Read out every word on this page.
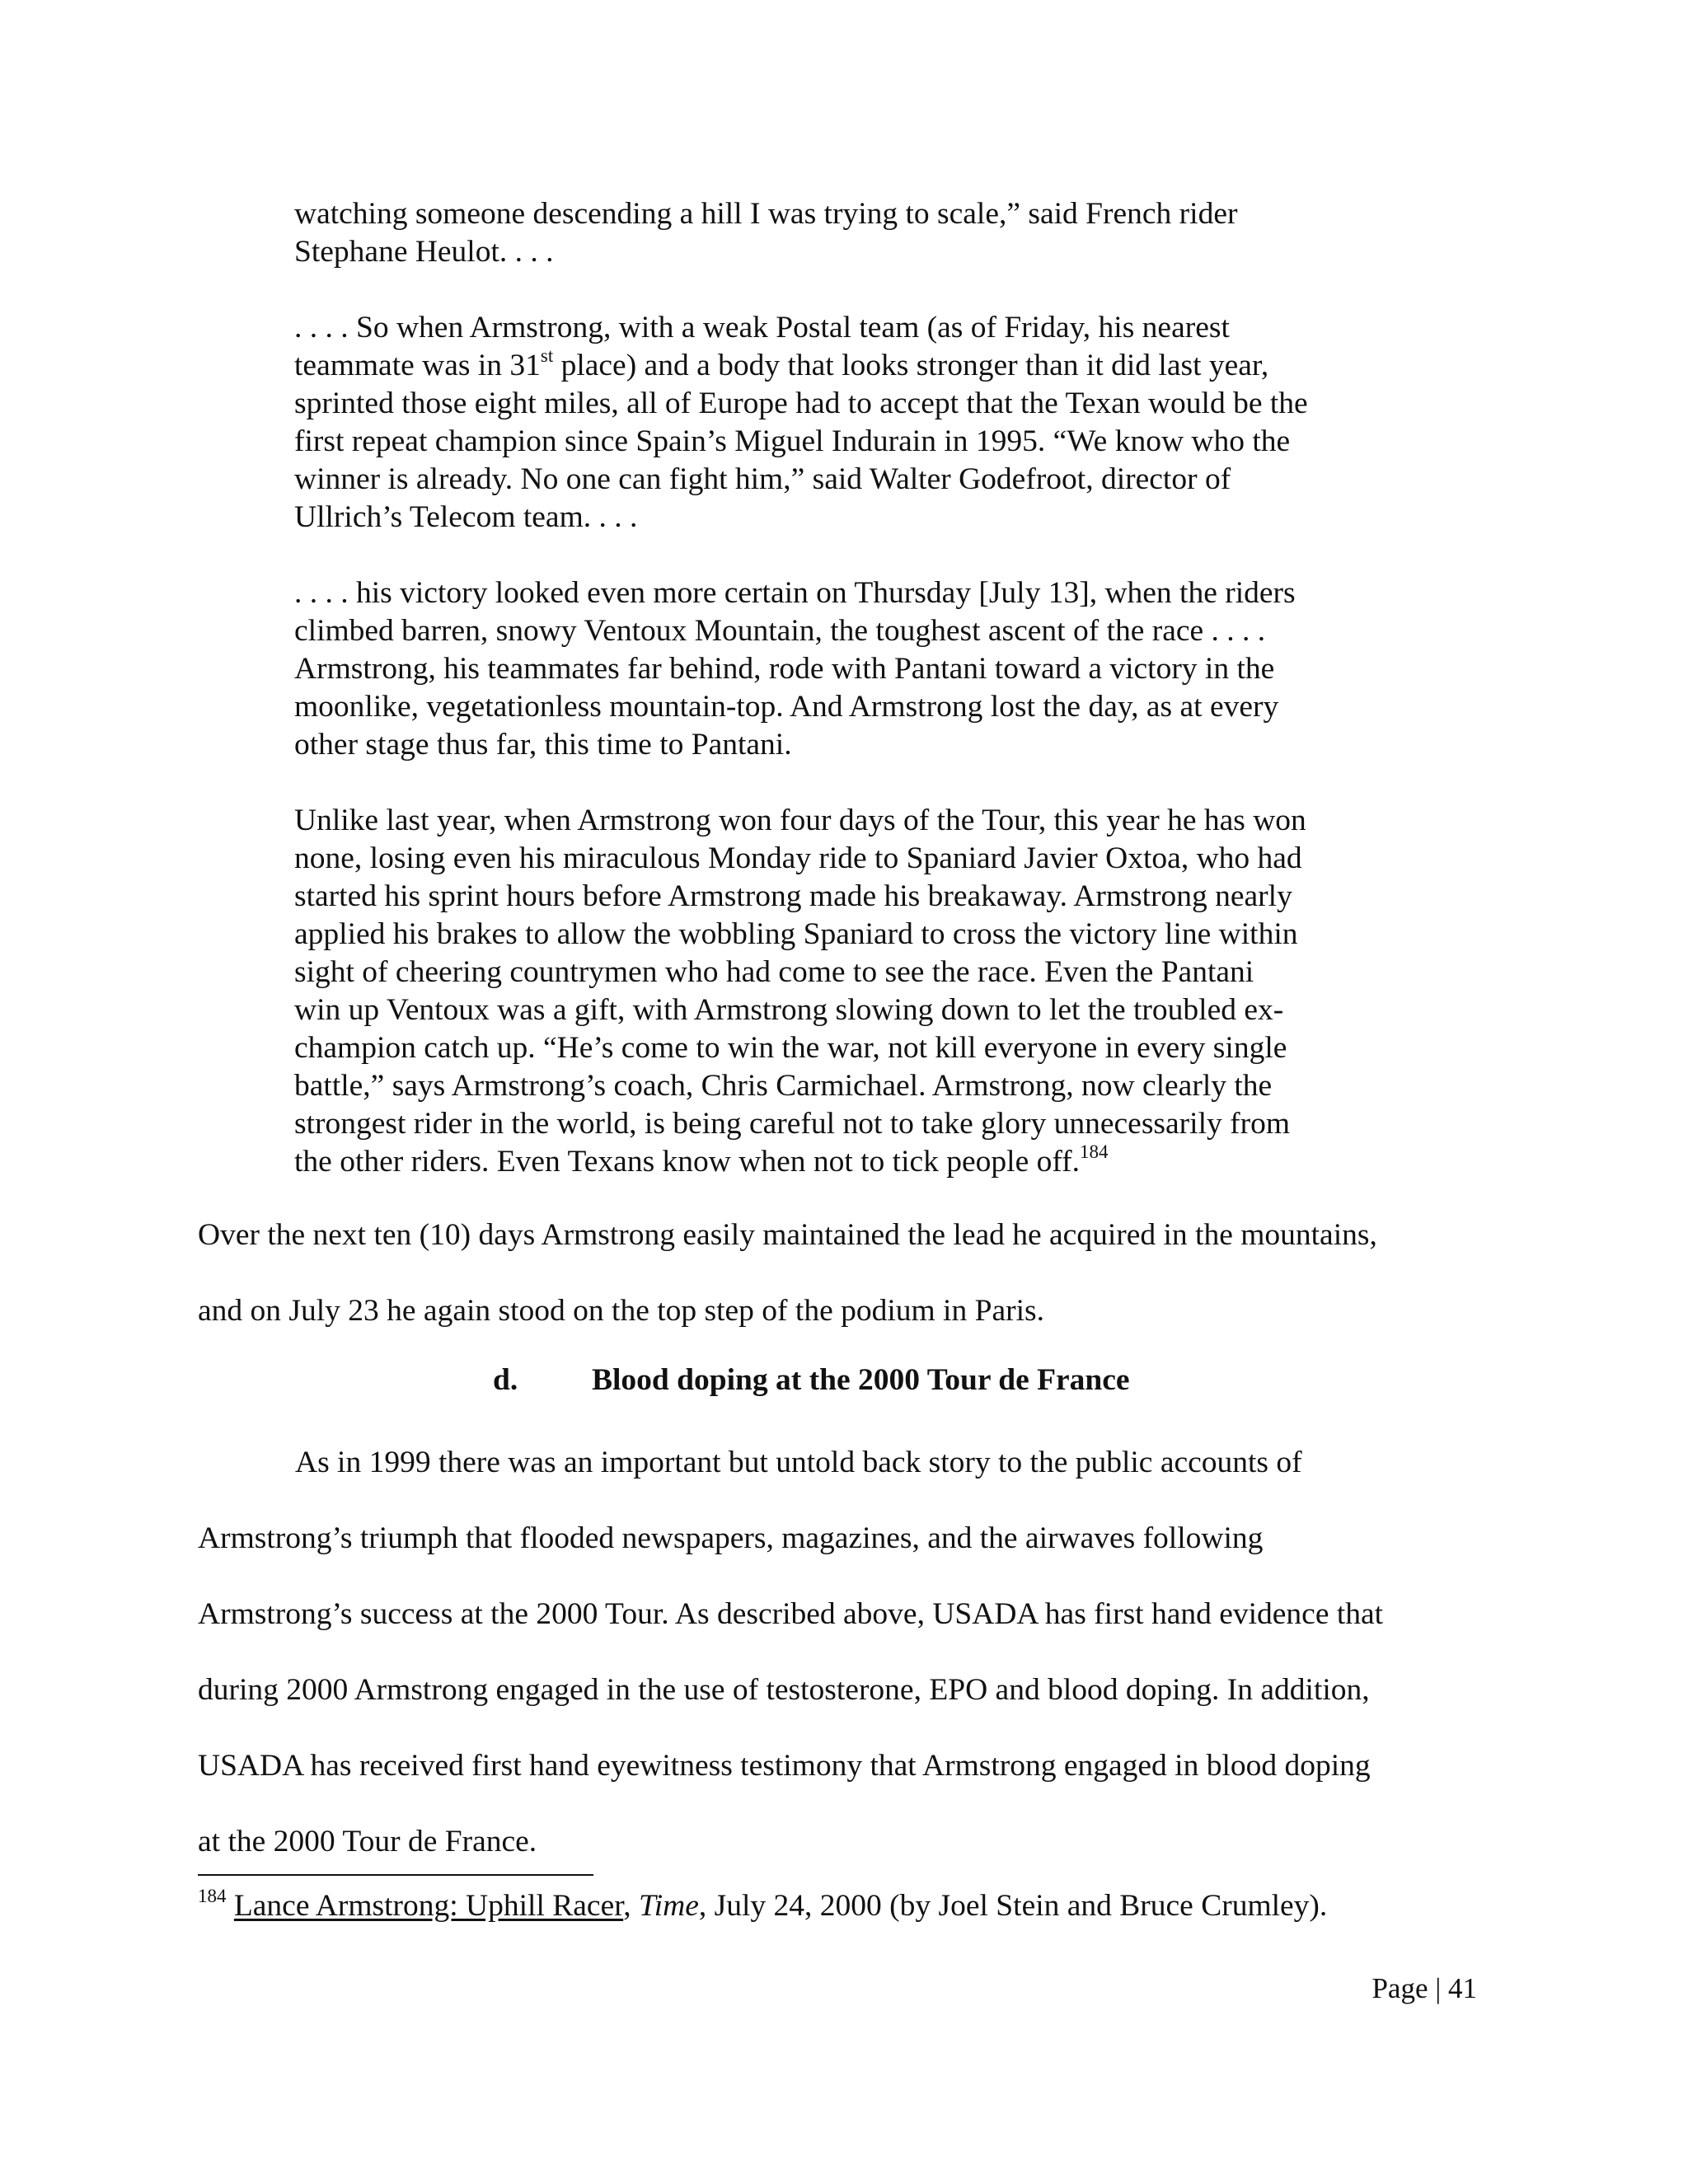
watching someone descending a hill I was trying to scale,” said French rider
Stephane Heulot. . . .
. . . . So when Armstrong, with a weak Postal team (as of Friday, his nearest
teammate was in 31st place) and a body that looks stronger than it did last year,
sprinted those eight miles, all of Europe had to accept that the Texan would be the
first repeat champion since Spain’s Miguel Indurain in 1995. “We know who the
winner is already. No one can fight him,” said Walter Godefroot, director of
Ullrich’s Telecom team. . . .
. . . . his victory looked even more certain on Thursday [July 13], when the riders
climbed barren, snowy Ventoux Mountain, the toughest ascent of the race . . . .
Armstrong, his teammates far behind, rode with Pantani toward a victory in the
moonlike, vegetationless mountain-top. And Armstrong lost the day, as at every
other stage thus far, this time to Pantani.
Unlike last year, when Armstrong won four days of the Tour, this year he has won
none, losing even his miraculous Monday ride to Spaniard Javier Oxtoa, who had
started his sprint hours before Armstrong made his breakaway. Armstrong nearly
applied his brakes to allow the wobbling Spaniard to cross the victory line within
sight of cheering countrymen who had come to see the race. Even the Pantani
win up Ventoux was a gift, with Armstrong slowing down to let the troubled ex-
champion catch up. “He’s come to win the war, not kill everyone in every single
battle,” says Armstrong’s coach, Chris Carmichael. Armstrong, now clearly the
strongest rider in the world, is being careful not to take glory unnecessarily from
the other riders. Even Texans know when not to tick people off.$^{184}$
Over the next ten (10) days Armstrong easily maintained the lead he acquired in the mountains,
and on July 23 he again stood on the top step of the podium in Paris.
d. Blood doping at the 2000 Tour de France
As in 1999 there was an important but untold back story to the public accounts of
Armstrong’s triumph that flooded newspapers, magazines, and the airwaves following
Armstrong’s success at the 2000 Tour. As described above, USADA has first hand evidence that
during 2000 Armstrong engaged in the use of testosterone, EPO and blood doping. In addition,
USADA has received first hand eyewitness testimony that Armstrong engaged in blood doping
at the 2000 Tour de France.
$^{184}$ Lance Armstrong: Uphill Racer, Time, July 24, 2000 (by Joel Stein and Bruce Crumley).
Page | 41
